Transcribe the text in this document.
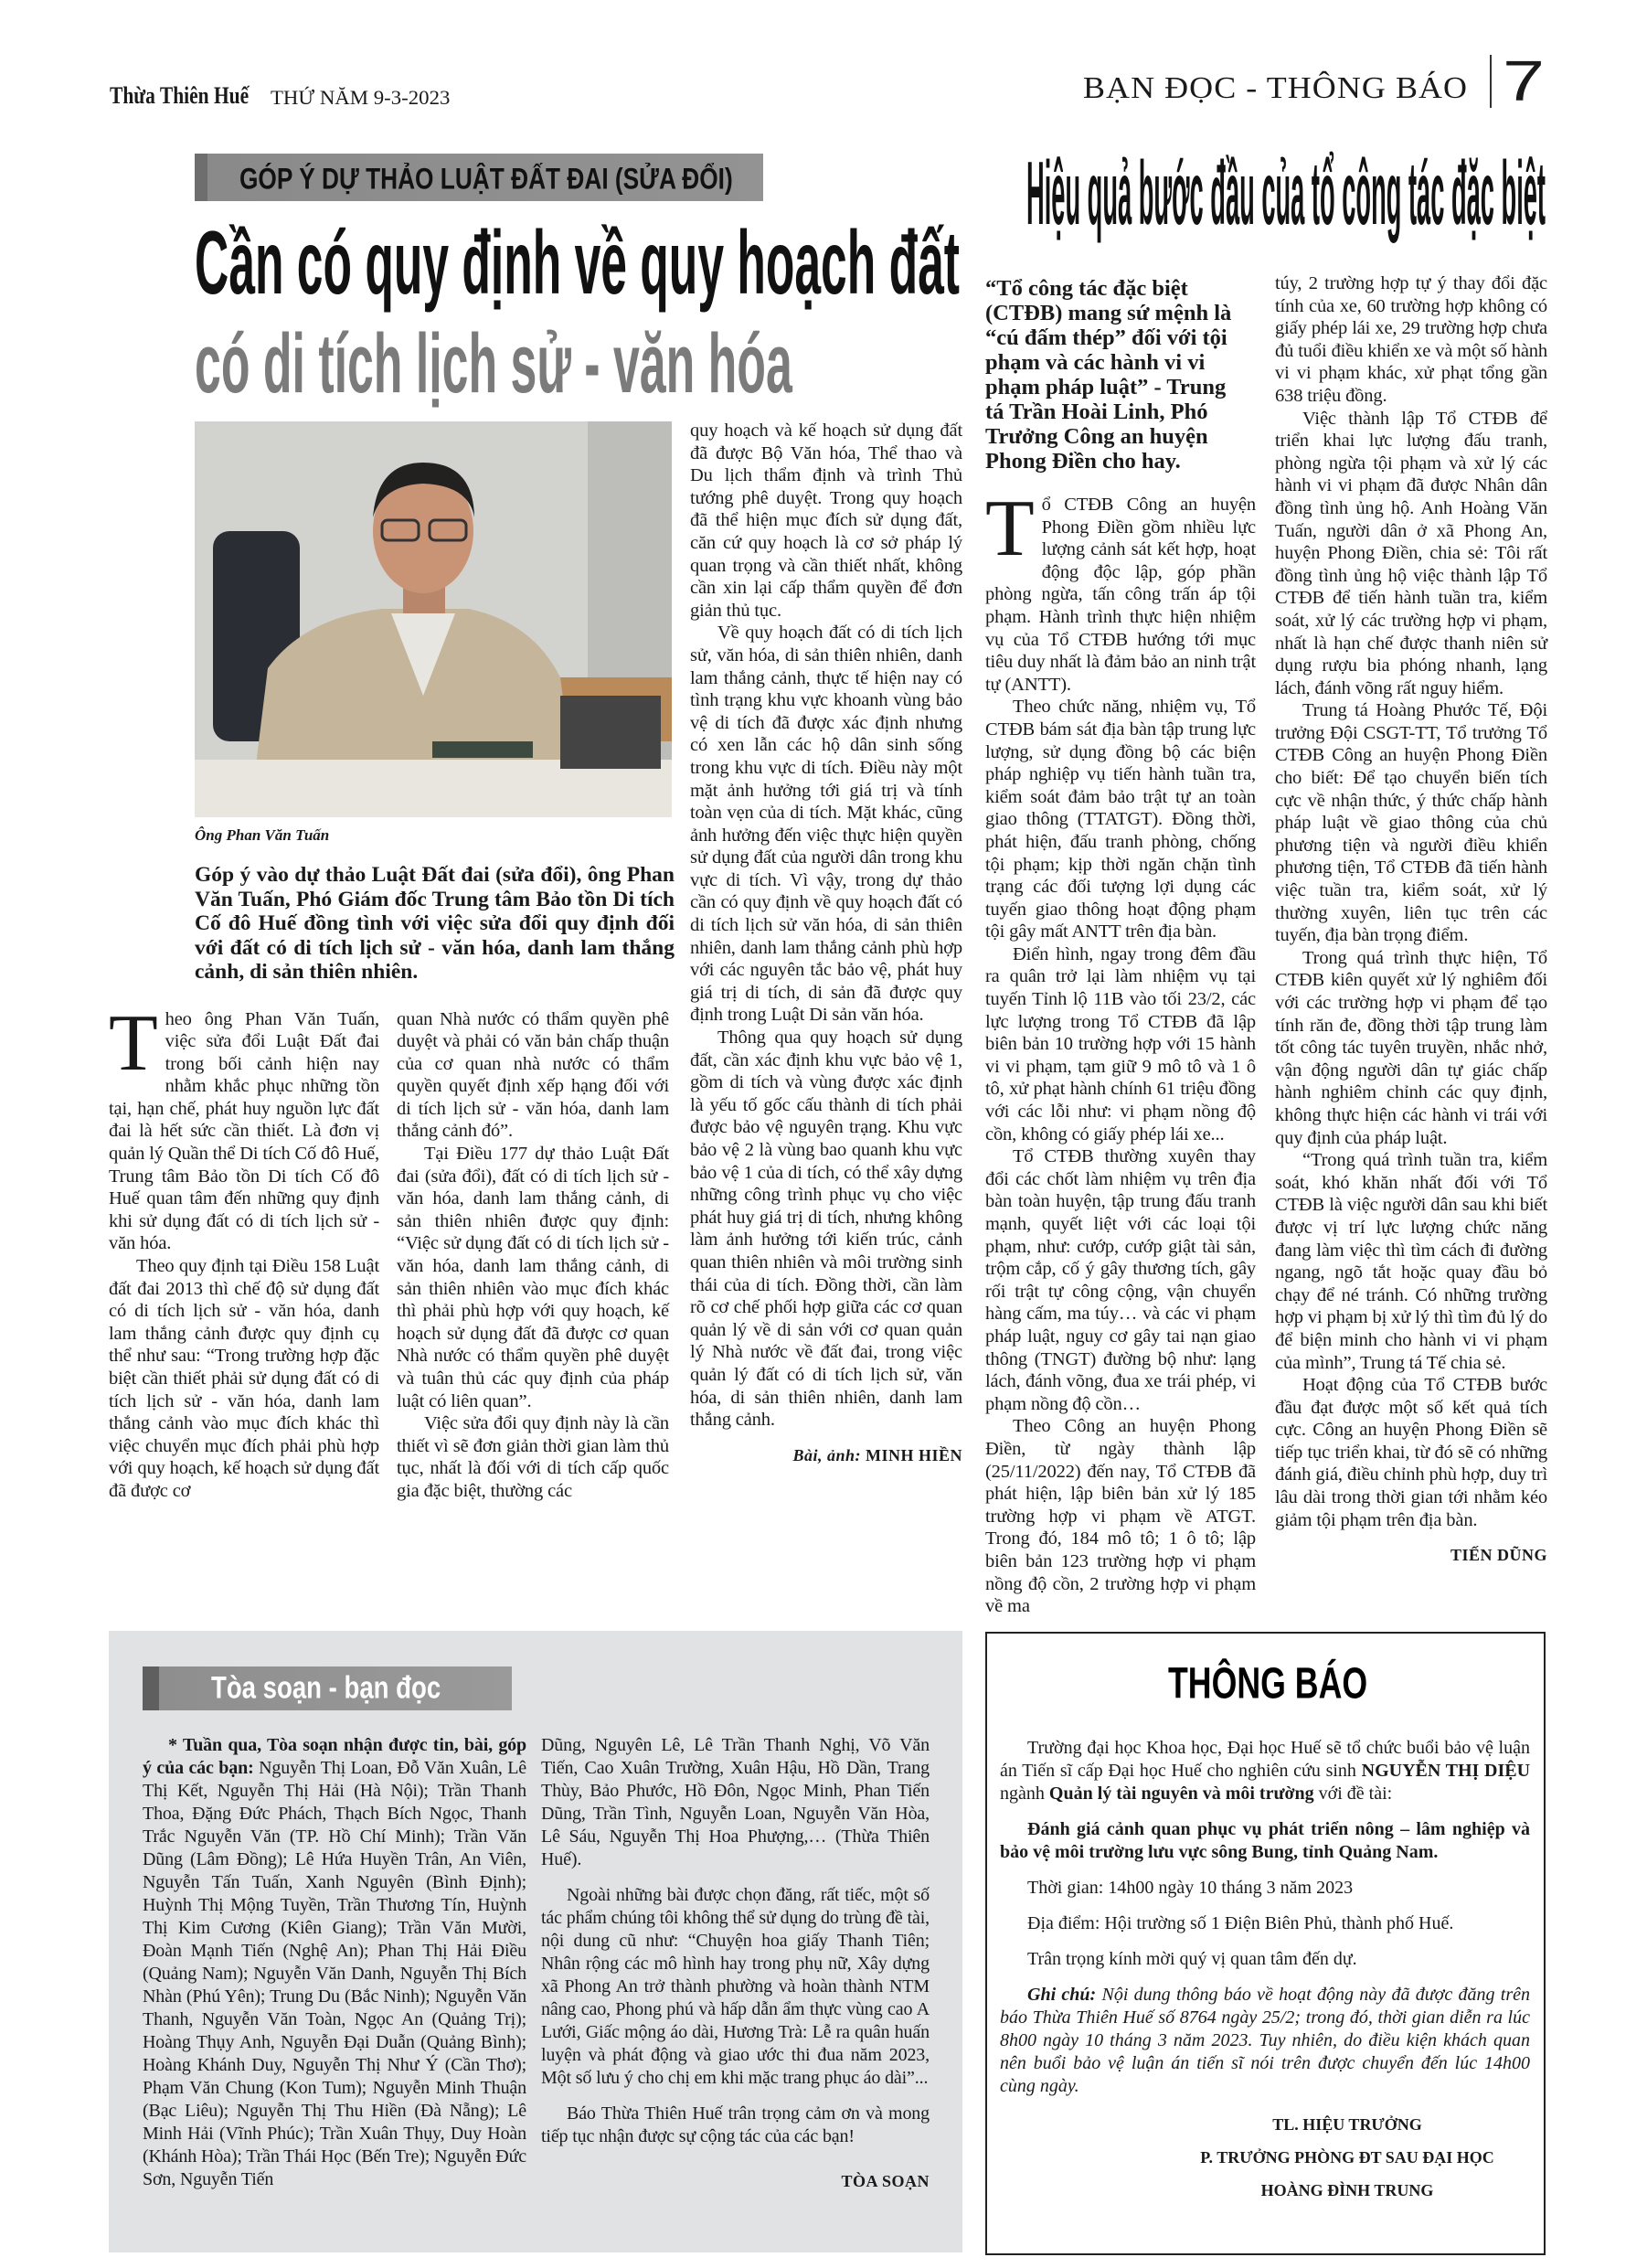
Thừa Thiên Huế THỨ NĂM 9-3-2023	BẠN ĐỌC - THÔNG BÁO 7
GÓP Ý DỰ THẢO LUẬT ĐẤT ĐAI (SỬA ĐỔI)
Cần có quy định về quy hoạch đất
có di tích lịch sử - văn hóa
Ông Phan Văn Tuấn
Góp ý vào dự thảo Luật Đất đai (sửa đổi), ông Phan Văn Tuấn, Phó Giám đốc Trung tâm Bảo tồn Di tích Cố đô Huế đồng tình với việc sửa đổi quy định đối với đất có di tích lịch sử - văn hóa, danh lam thắng cảnh, di sản thiên nhiên.
T heo ông Phan Văn Tuấn, việc sửa đổi Luật Đất đai trong bối cảnh hiện nay nhằm khắc phục những tồn tại, hạn chế, phát huy nguồn lực đất đai là hết sức cần thiết. Là đơn vị quản lý Quần thể Di tích Cố đô Huế, Trung tâm Bảo tồn Di tích Cố đô Huế quan tâm đến những quy định khi sử dụng đất có di tích lịch sử - văn hóa.

Theo quy định tại Điều 158 Luật đất đai 2013 thì chế độ sử dụng đất có di tích lịch sử - văn hóa, danh lam thắng cảnh được quy định cụ thể như sau: “Trong trường hợp đặc biệt cần thiết phải sử dụng đất có di tích lịch sử - văn hóa, danh lam thắng cảnh vào mục đích khác thì việc chuyển mục đích phải phù hợp với quy hoạch, kế hoạch sử dụng đất đã được cơ

quan Nhà nước có thẩm quyền phê duyệt và phải có văn bản chấp thuận của cơ quan nhà nước có thẩm quyền quyết định xếp hạng đối với di tích lịch sử - văn hóa, danh lam thắng cảnh đó”.

Tại Điều 177 dự thảo Luật Đất đai (sửa đổi), đất có di tích lịch sử - văn hóa, danh lam thắng cảnh, di sản thiên nhiên được quy định: “Việc sử dụng đất có di tích lịch sử - văn hóa, danh lam thắng cảnh, di sản thiên nhiên vào mục đích khác thì phải phù hợp với quy hoạch, kế hoạch sử dụng đất đã được cơ quan Nhà nước có thẩm quyền phê duyệt và tuân thủ các quy định của pháp luật có liên quan”.

Việc sửa đổi quy định này là cần thiết vì sẽ đơn giản thời gian làm thủ tục, nhất là đối với di tích cấp quốc gia đặc biệt, thường các

quy hoạch và kế hoạch sử dụng đất đã được Bộ Văn hóa, Thể thao và Du lịch thẩm định và trình Thủ tướng phê duyệt. Trong quy hoạch đã thể hiện mục đích sử dụng đất, căn cứ quy hoạch là cơ sở pháp lý quan trọng và cần thiết nhất, không cần xin lại cấp thẩm quyền để đơn giản thủ tục.

Về quy hoạch đất có di tích lịch sử, văn hóa, di sản thiên nhiên, danh lam thắng cảnh, thực tế hiện nay có tình trạng khu vực khoanh vùng bảo vệ di tích đã được xác định nhưng có xen lẫn các hộ dân sinh sống trong khu vực di tích. Điều này một mặt ảnh hưởng tới giá trị và tính toàn vẹn của di tích. Mặt khác, cũng ảnh hưởng đến việc thực hiện quyền sử dụng đất của người dân trong khu vực di tích. Vì vậy, trong dự thảo cần có quy định về quy hoạch đất có di tích lịch sử văn hóa, di sản thiên nhiên, danh lam thắng cảnh phù hợp với các nguyên tắc bảo vệ, phát huy giá trị di tích, di sản đã được quy định trong Luật Di sản văn hóa.

Thông qua quy hoạch sử dụng đất, cần xác định khu vực bảo vệ 1, gồm di tích và vùng được xác định là yếu tố gốc cấu thành di tích phải được bảo vệ nguyên trạng. Khu vực bảo vệ 2 là vùng bao quanh khu vực bảo vệ 1 của di tích, có thể xây dựng những công trình phục vụ cho việc phát huy giá trị di tích, nhưng không làm ảnh hưởng tới kiến trúc, cảnh quan thiên nhiên và môi trường sinh thái của di tích. Đồng thời, cần làm rõ cơ chế phối hợp giữa các cơ quan quản lý về di sản với cơ quan quản lý Nhà nước về đất đai, trong việc quản lý đất có di tích lịch sử, văn hóa, di sản thiên nhiên, danh lam thắng cảnh.

Bài, ảnh: MINH HIỀN
Hiệu quả bước đầu của tổ công tác đặc biệt
“Tổ công tác đặc biệt (CTĐB) mang sứ mệnh là “cú đấm thép” đối với tội phạm và các hành vi vi phạm pháp luật” - Trung tá Trần Hoài Linh, Phó Trưởng Công an huyện Phong Điền cho hay.
T ổ CTĐB Công an huyện Phong Điền gồm nhiều lực lượng cảnh sát kết hợp, hoạt động độc lập, góp phần phòng ngừa, tấn công trấn áp tội phạm. Hành trình thực hiện nhiệm vụ của Tổ CTĐB hướng tới mục tiêu duy nhất là đảm bảo an ninh trật tự (ANTT).

Theo chức năng, nhiệm vụ, Tổ CTĐB bám sát địa bàn tập trung lực lượng, sử dụng đồng bộ các biện pháp nghiệp vụ tiến hành tuần tra, kiểm soát đảm bảo trật tự an toàn giao thông (TTATGT). Đồng thời, phát hiện, đấu tranh phòng, chống tội phạm; kịp thời ngăn chặn tình trạng các đối tượng lợi dụng các tuyến giao thông hoạt động phạm tội gây mất ANTT trên địa bàn.

Điển hình, ngay trong đêm đầu ra quân trở lại làm nhiệm vụ tại tuyến Tỉnh lộ 11B vào tối 23/2, các lực lượng trong Tổ CTĐB đã lập biên bản 10 trường hợp với 15 hành vi vi phạm, tạm giữ 9 mô tô và 1 ô tô, xử phạt hành chính 61 triệu đồng với các lỗi như: vi phạm nồng độ cồn, không có giấy phép lái xe...

Tổ CTĐB thường xuyên thay đổi các chốt làm nhiệm vụ trên địa bàn toàn huyện, tập trung đấu tranh mạnh, quyết liệt với các loại tội phạm, như: cướp, cướp giật tài sản, trộm cắp, cố ý gây thương tích, gây rối trật tự công cộng, vận chuyển hàng cấm, ma túy… và các vi phạm pháp luật, nguy cơ gây tai nạn giao thông (TNGT) đường bộ như: lạng lách, đánh võng, đua xe trái phép, vi phạm nồng độ cồn…

Theo Công an huyện Phong Điền, từ ngày thành lập (25/11/2022) đến nay, Tổ CTĐB đã phát hiện, lập biên bản xử lý 185 trường hợp vi phạm về ATGT. Trong đó, 184 mô tô; 1 ô tô; lập biên bản 123 trường hợp vi phạm nồng độ cồn, 2 trường hợp vi phạm về ma

túy, 2 trường hợp tự ý thay đổi đặc tính của xe, 60 trường hợp không có giấy phép lái xe, 29 trường hợp chưa đủ tuổi điều khiển xe và một số hành vi vi phạm khác, xử phạt tổng gần 638 triệu đồng.

Việc thành lập Tổ CTĐB để triển khai lực lượng đấu tranh, phòng ngừa tội phạm và xử lý các hành vi vi phạm đã được Nhân dân đồng tình ủng hộ. Anh Hoàng Văn Tuấn, người dân ở xã Phong An, huyện Phong Điền, chia sẻ: Tôi rất đồng tình ủng hộ việc thành lập Tổ CTĐB để tiến hành tuần tra, kiểm soát, xử lý các trường hợp vi phạm, nhất là hạn chế được thanh niên sử dụng rượu bia phóng nhanh, lạng lách, đánh võng rất nguy hiểm.

Trung tá Hoàng Phước Tế, Đội trưởng Đội CSGT-TT, Tổ trưởng Tổ CTĐB Công an huyện Phong Điền cho biết: Để tạo chuyển biến tích cực về nhận thức, ý thức chấp hành pháp luật về giao thông của chủ phương tiện và người điều khiển phương tiện, Tổ CTĐB đã tiến hành việc tuần tra, kiểm soát, xử lý thường xuyên, liên tục trên các tuyến, địa bàn trọng điểm.

Trong quá trình thực hiện, Tổ CTĐB kiên quyết xử lý nghiêm đối với các trường hợp vi phạm để tạo tính răn đe, đồng thời tập trung làm tốt công tác tuyên truyền, nhắc nhở, vận động người dân tự giác chấp hành nghiêm chỉnh các quy định, không thực hiện các hành vi trái với quy định của pháp luật.

“Trong quá trình tuần tra, kiểm soát, khó khăn nhất đối với Tổ CTĐB là việc người dân sau khi biết được vị trí lực lượng chức năng đang làm việc thì tìm cách đi đường ngang, ngõ tắt hoặc quay đầu bỏ chạy để né tránh. Có những trường hợp vi phạm bị xử lý thì tìm đủ lý do để biện minh cho hành vi vi phạm của mình”, Trung tá Tế chia sẻ.

Hoạt động của Tổ CTĐB bước đầu đạt được một số kết quả tích cực. Công an huyện Phong Điền sẽ tiếp tục triển khai, từ đó sẽ có những đánh giá, điều chỉnh phù hợp, duy trì lâu dài trong thời gian tới nhằm kéo giảm tội phạm trên địa bàn.

TIẾN DŨNG
Tòa soạn - bạn đọc

* Tuần qua, Tòa soạn nhận được tin, bài, góp ý của các bạn: Nguyễn Thị Loan, Đỗ Văn Xuân, Lê Thị Kết, Nguyễn Thị Hải (Hà Nội); Trần Thanh Thoa, Đặng Đức Phách, Thạch Bích Ngọc, Thanh Trắc Nguyễn Văn (TP. Hồ Chí Minh); Trần Văn Dũng (Lâm Đồng); Lê Hứa Huyền Trân, An Viên, Nguyễn Tấn Tuấn, Xanh Nguyên (Bình Định); Huỳnh Thị Mộng Tuyền, Trần Thương Tín, Huỳnh Thị Kim Cương (Kiên Giang); Trần Văn Mười, Đoàn Mạnh Tiến (Nghệ An); Phan Thị Hải Điều (Quảng Nam); Nguyễn Văn Danh, Nguyễn Thị Bích Nhàn (Phú Yên); Trung Du (Bắc Ninh); Nguyễn Văn Thanh, Nguyễn Văn Toàn, Ngọc An (Quảng Trị); Hoàng Thụy Anh, Nguyễn Đại Duẫn (Quảng Bình); Hoàng Khánh Duy, Nguyễn Thị Như Ý (Cần Thơ); Phạm Văn Chung (Kon Tum); Nguyễn Minh Thuận (Bạc Liêu); Nguyễn Thị Thu Hiền (Đà Nẵng); Lê Minh Hải (Vĩnh Phúc); Trần Xuân Thụy, Duy Hoàn (Khánh Hòa); Trần Thái Học (Bến Tre); Nguyễn Đức Sơn, Nguyễn Tiến

Dũng, Nguyên Lê, Lê Trần Thanh Nghị, Võ Văn Tiến, Cao Xuân Trường, Xuân Hậu, Hồ Dần, Trang Thùy, Bảo Phước, Hồ Đôn, Ngọc Minh, Phan Tiến Dũng, Trần Tình, Nguyễn Loan, Nguyễn Văn Hòa, Lê Sáu, Nguyễn Thị Hoa Phượng,… (Thừa Thiên Huế).

Ngoài những bài được chọn đăng, rất tiếc, một số tác phẩm chúng tôi không thể sử dụng do trùng đề tài, nội dung cũ như: “Chuyện hoa giấy Thanh Tiên; Nhân rộng các mô hình hay trong phụ nữ, Xây dựng xã Phong An trở thành phường và hoàn thành NTM nâng cao, Phong phú và hấp dẫn ẩm thực vùng cao A Lưới, Giấc mộng áo dài, Hương Trà: Lễ ra quân huấn luyện và phát động và giao ước thi đua năm 2023, Một số lưu ý cho chị em khi mặc trang phục áo dài”...

Báo Thừa Thiên Huế trân trọng cảm ơn và mong tiếp tục nhận được sự cộng tác của các bạn!

TÒA SOẠN
THÔNG BÁO

Trường đại học Khoa học, Đại học Huế sẽ tổ chức buổi bảo vệ luận án Tiến sĩ cấp Đại học Huế cho nghiên cứu sinh NGUYỄN THỊ DIỆU ngành Quản lý tài nguyên và môi trường với đề tài:

Đánh giá cảnh quan phục vụ phát triển nông – lâm nghiệp và bảo vệ môi trường lưu vực sông Bung, tỉnh Quảng Nam.

Thời gian: 14h00 ngày 10 tháng 3 năm 2023

Địa điểm: Hội trường số 1 Điện Biên Phủ, thành phố Huế.

Trân trọng kính mời quý vị quan tâm đến dự.

Ghi chú: Nội dung thông báo về hoạt động này đã được đăng trên báo Thừa Thiên Huế số 8764 ngày 25/2; trong đó, thời gian diễn ra lúc 8h00 ngày 10 tháng 3 năm 2023. Tuy nhiên, do điều kiện khách quan nên buổi bảo vệ luận án tiến sĩ nói trên được chuyển đến lúc 14h00 cùng ngày.

TL. HIỆU TRƯỞNG
P. TRƯỞNG PHÒNG ĐT SAU ĐẠI HỌC
HOÀNG ĐÌNH TRUNG
